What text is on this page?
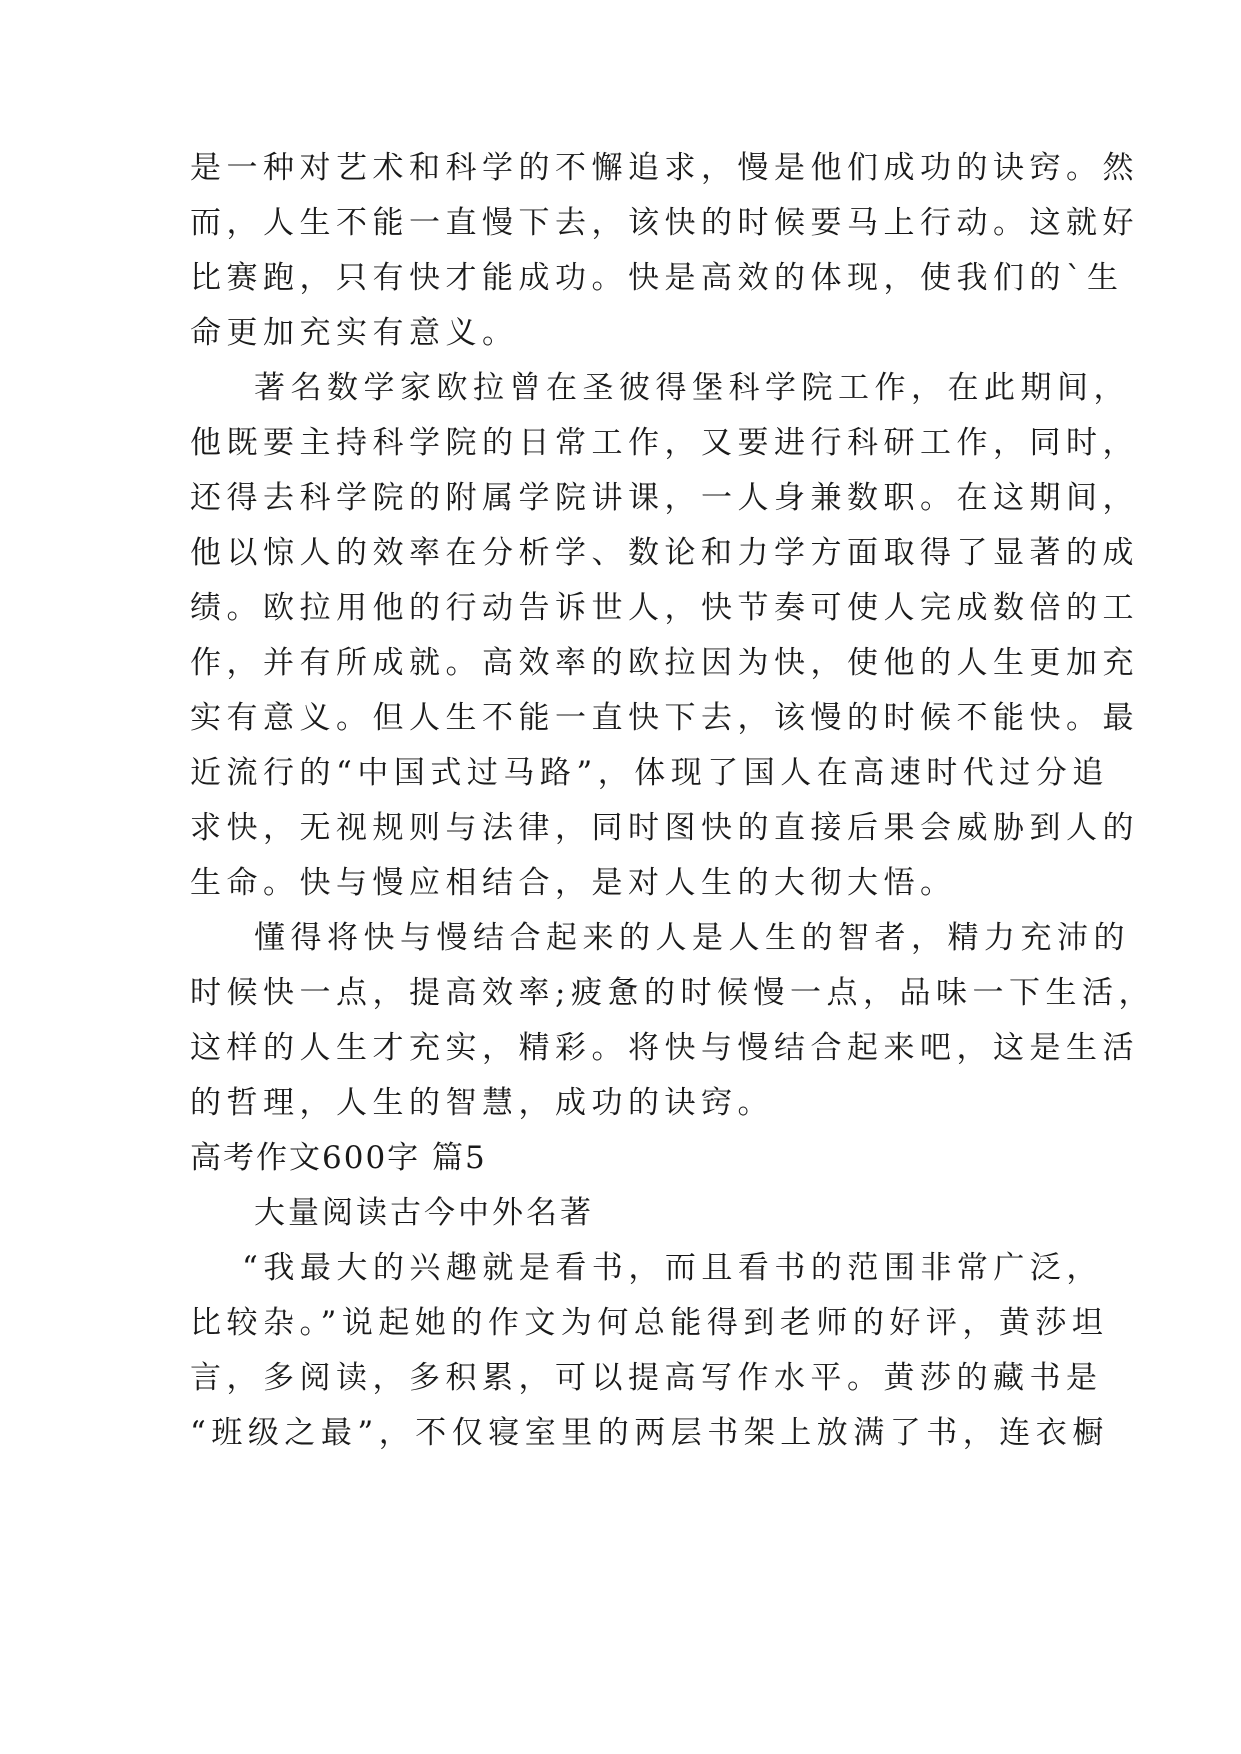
是一种对艺术和科学的不懈追求，慢是他们成功的诀窍。然
而，人生不能一直慢下去，该快的时候要马上行动。这就好
比赛跑，只有快才能成功。快是高效的体现，使我们的`生
命更加充实有意义。
著名数学家欧拉曾在圣彼得堡科学院工作，在此期间，
他既要主持科学院的日常工作，又要进行科研工作，同时，
还得去科学院的附属学院讲课，一人身兼数职。在这期间，
他以惊人的效率在分析学、数论和力学方面取得了显著的成
绩。欧拉用他的行动告诉世人，快节奏可使人完成数倍的工
作，并有所成就。高效率的欧拉因为快，使他的人生更加充
实有意义。但人生不能一直快下去，该慢的时候不能快。最
近流行的“中国式过马路”，体现了国人在高速时代过分追
求快，无视规则与法律，同时图快的直接后果会威胁到人的
生命。快与慢应相结合，是对人生的大彻大悟。
懂得将快与慢结合起来的人是人生的智者，精力充沛的
时候快一点，提高效率;疲惫的时候慢一点，品味一下生活，
这样的人生才充实，精彩。将快与慢结合起来吧，这是生活
的哲理，人生的智慧，成功的诀窍。
高考作文600字 篇5
大量阅读古今中外名著
“我最大的兴趣就是看书，而且看书的范围非常广泛，
比较杂。”说起她的作文为何总能得到老师的好评，黄莎坦
言，多阅读，多积累，可以提高写作水平。黄莎的藏书是
“班级之最”，不仅寝室里的两层书架上放满了书，连衣橱
